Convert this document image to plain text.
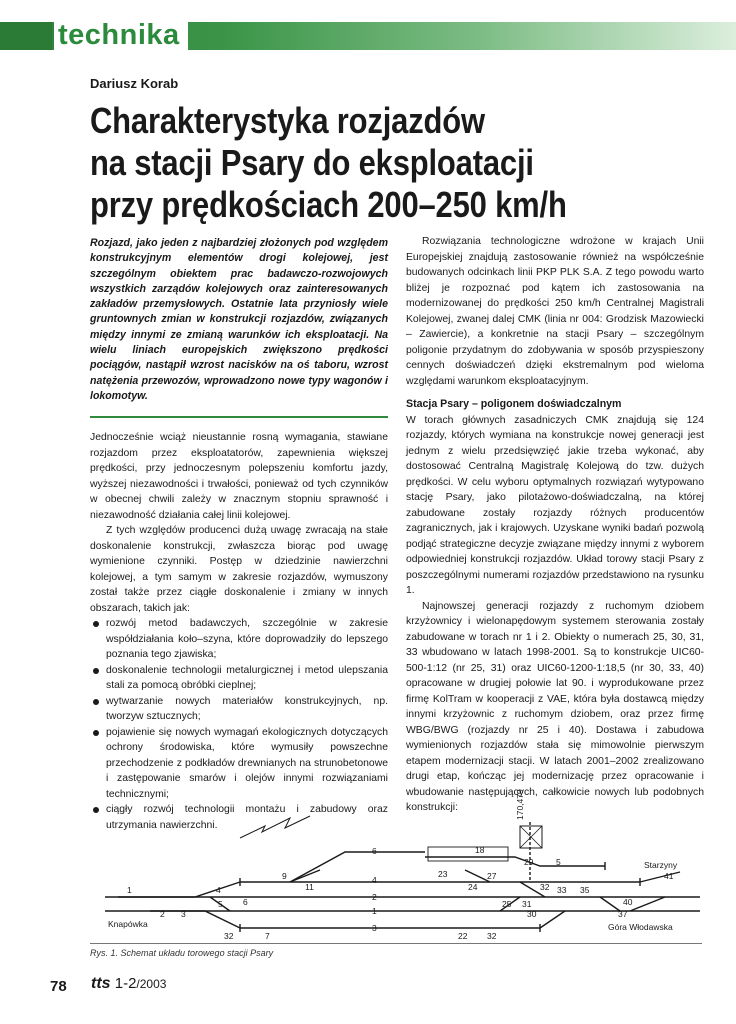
technika
Dariusz Korab
Charakterystyka rozjazdów
na stacji Psary do eksploatacji
przy prędkościach 200–250 km/h
Rozjazd, jako jeden z najbardziej złożonych pod względem konstrukcyjnym elementów drogi kolejowej, jest szczególnym obiektem prac badawczo-rozwojowych wszystkich zarządów kolejowych oraz zainteresowanych zakładów przemysłowych. Ostatnie lata przyniosły wiele gruntownych zmian w konstrukcji rozjazdów, związanych między innymi ze zmianą warunków ich eksploatacji. Na wielu liniach europejskich zwiększono prędkości pociągów, nastąpił wzrost nacisków na oś taboru, wzrost natężenia przewozów, wprowadzono nowe typy wagonów i lokomotyw.

Jednocześnie wciąż nieustannie rosną wymagania, stawiane rozjazdom przez eksploatatorów, zapewnienia większej prędkości, przy jednoczesnym polepszeniu komfortu jazdy, wyższej niezawodności i trwałości, ponieważ od tych czynników w obecnej chwili zależy w znacznym stopniu sprawność i niezawodność działania całej linii kolejowej.

Z tych względów producenci dużą uwagę zwracają na stałe doskonalenie konstrukcji, zwłaszcza biorąc pod uwagę wymienione czynniki. Postęp w dziedzinie nawierzchni kolejowej, a tym samym w zakresie rozjazdów, wymuszony został także przez ciągłe doskonalenie i zmiany w innych obszarach, takich jak:

rozwój metod badawczych, szczególnie w zakresie współdziałania koło–szyna, które doprowadziły do lepszego poznania tego zjawiska;
doskonalenie technologii metalurgicznej i metod ulepszania stali za pomocą obróbki cieplnej;
wytwarzanie nowych materiałów konstrukcyjnych, np. tworzyw sztucznych;
pojawienie się nowych wymagań ekologicznych dotyczących ochrony środowiska, które wymusiły powszechne przechodzenie z podkładów drewnianych na strunobetonowe i zastępowanie smarów i olejów innymi rozwiązaniami technicznymi;
ciągły rozwój technologii montażu i zabudowy oraz utrzymania nawierzchni.

Rozwiązania technologiczne wdrożone w krajach Unii Europejskiej znajdują zastosowanie również na współcześnie budowanych odcinkach linii PKP PLK S.A. Z tego powodu warto bliżej je rozpoznać pod kątem ich zastosowania na modernizowanej do prędkości 250 km/h Centralnej Magistrali Kolejowej, zwanej dalej CMK (linia nr 004: Grodzisk Mazowiecki – Zawiercie), a konkretnie na stacji Psary – szczególnym poligonie przydatnym do zdobywania w sposób przyspieszony cennych doświadczeń dzięki ekstremalnym pod wieloma względami warunkom eksploatacyjnym.

Stacja Psary – poligonem doświadczalnym

W torach głównych zasadniczych CMK znajdują się 124 rozjazdy, których wymiana na konstrukcje nowej generacji jest jednym z wielu przedsięwzięć jakie trzeba wykonać, aby dostosować Centralną Magistralę Kolejową do tzw. dużych prędkości. W celu wyboru optymalnych rozwiązań wytypowano stację Psary, jako pilotażowo-doświadczalną, na której zabudowane zostały rozjazdy różnych producentów zagranicznych, jak i krajowych. Uzyskane wyniki badań pozwolą podjąć strategiczne decyzje związane między innymi z wyborem odpowiedniej konstrukcji rozjazdów. Układ torowy stacji Psary z poszczególnymi numerami rozjazdów przedstawiono na rysunku 1.

Najnowszej generacji rozjazdy z ruchomym dziobem krzyżownicy i wielonapędowym systemem sterowania zostały zabudowane w torach nr 1 i 2. Obiekty o numerach 25, 30, 31, 33 wbudowano w latach 1998-2001. Są to konstrukcje UIC60-500-1:12 (nr 25, 31) oraz UIC60-1200-1:18,5 (nr 30, 33, 40) opracowane w drugiej połowie lat 90. i wyprodukowane przez firmę KolTram w kooperacji z VAE, która była dostawcą między innymi krzyżownic z ruchomym dziobem, oraz przez firmę WBG/BWG (rozjazdy nr 25 i 40). Dostawa i zabudowa wymienionych rozjazdów stała się mimowolnie pierwszym etapem modernizacji stacji. W latach 2001–2002 zrealizowano drugi etap, kończąc jej modernizację przez opracowanie i wbudowanie następujących, całkowicie nowych lub podobnych konstrukcji:	170,479
Knapówka
Starzyny
Góra Włodawska
6
4
2
1
3
1
2 3
4
5 6
7
9
11
18
22
23
24
25
27
29
30
31
32
32	32
33 35
37
40
41
5
Rys. 1. Schemat układu torowego stacji Psary
78 tts 1-2/2003
